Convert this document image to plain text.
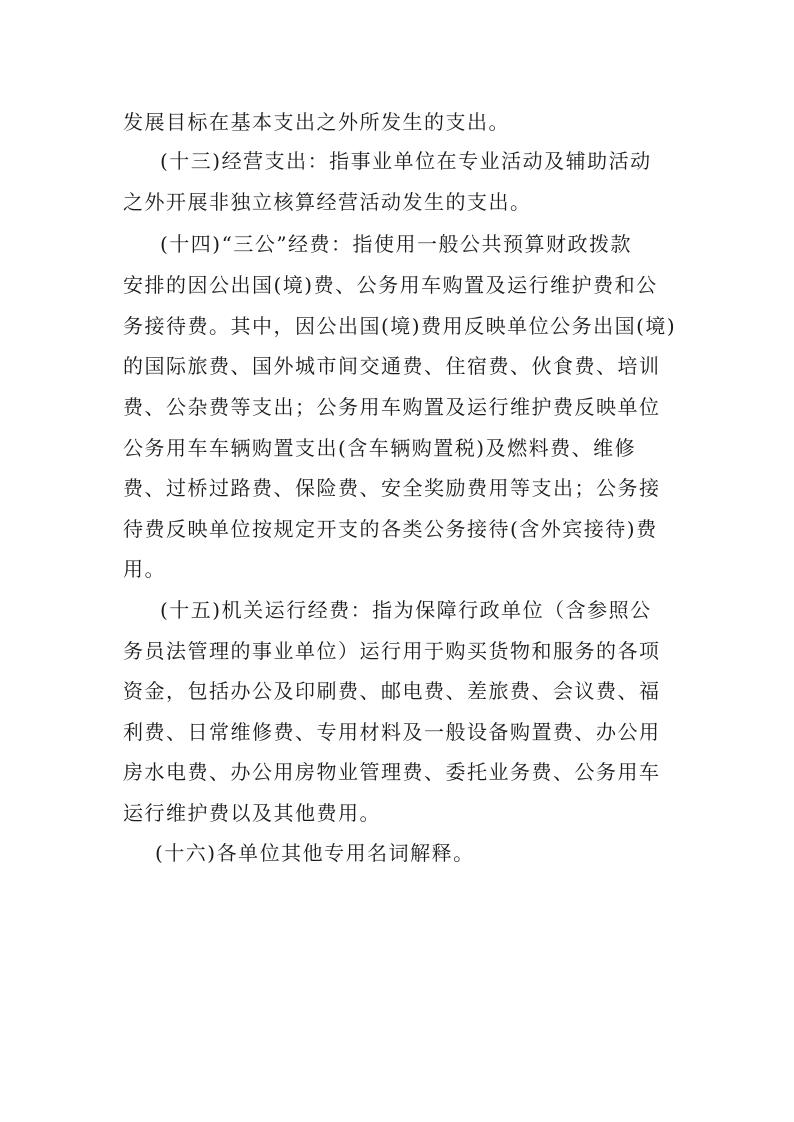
发展目标在基本支出之外所发生的支出。
(十三)经营支出：指事业单位在专业活动及辅助活动
之外开展非独立核算经营活动发生的支出。
(十四)“三公”经费：指使用一般公共预算财政拨款
安排的因公出国(境)费、公务用车购置及运行维护费和公
务接待费。其中，因公出国(境)费用反映单位公务出国(境)
的国际旅费、国外城市间交通费、住宿费、伙食费、培训
费、公杂费等支出；公务用车购置及运行维护费反映单位
公务用车车辆购置支出(含车辆购置税)及燃料费、维修
费、过桥过路费、保险费、安全奖励费用等支出；公务接
待费反映单位按规定开支的各类公务接待(含外宾接待)费
用。
(十五)机关运行经费：指为保障行政单位（含参照公
务员法管理的事业单位）运行用于购买货物和服务的各项
资金，包括办公及印刷费、邮电费、差旅费、会议费、福
利费、日常维修费、专用材料及一般设备购置费、办公用
房水电费、办公用房物业管理费、委托业务费、公务用车
运行维护费以及其他费用。
(十六)各单位其他专用名词解释。
